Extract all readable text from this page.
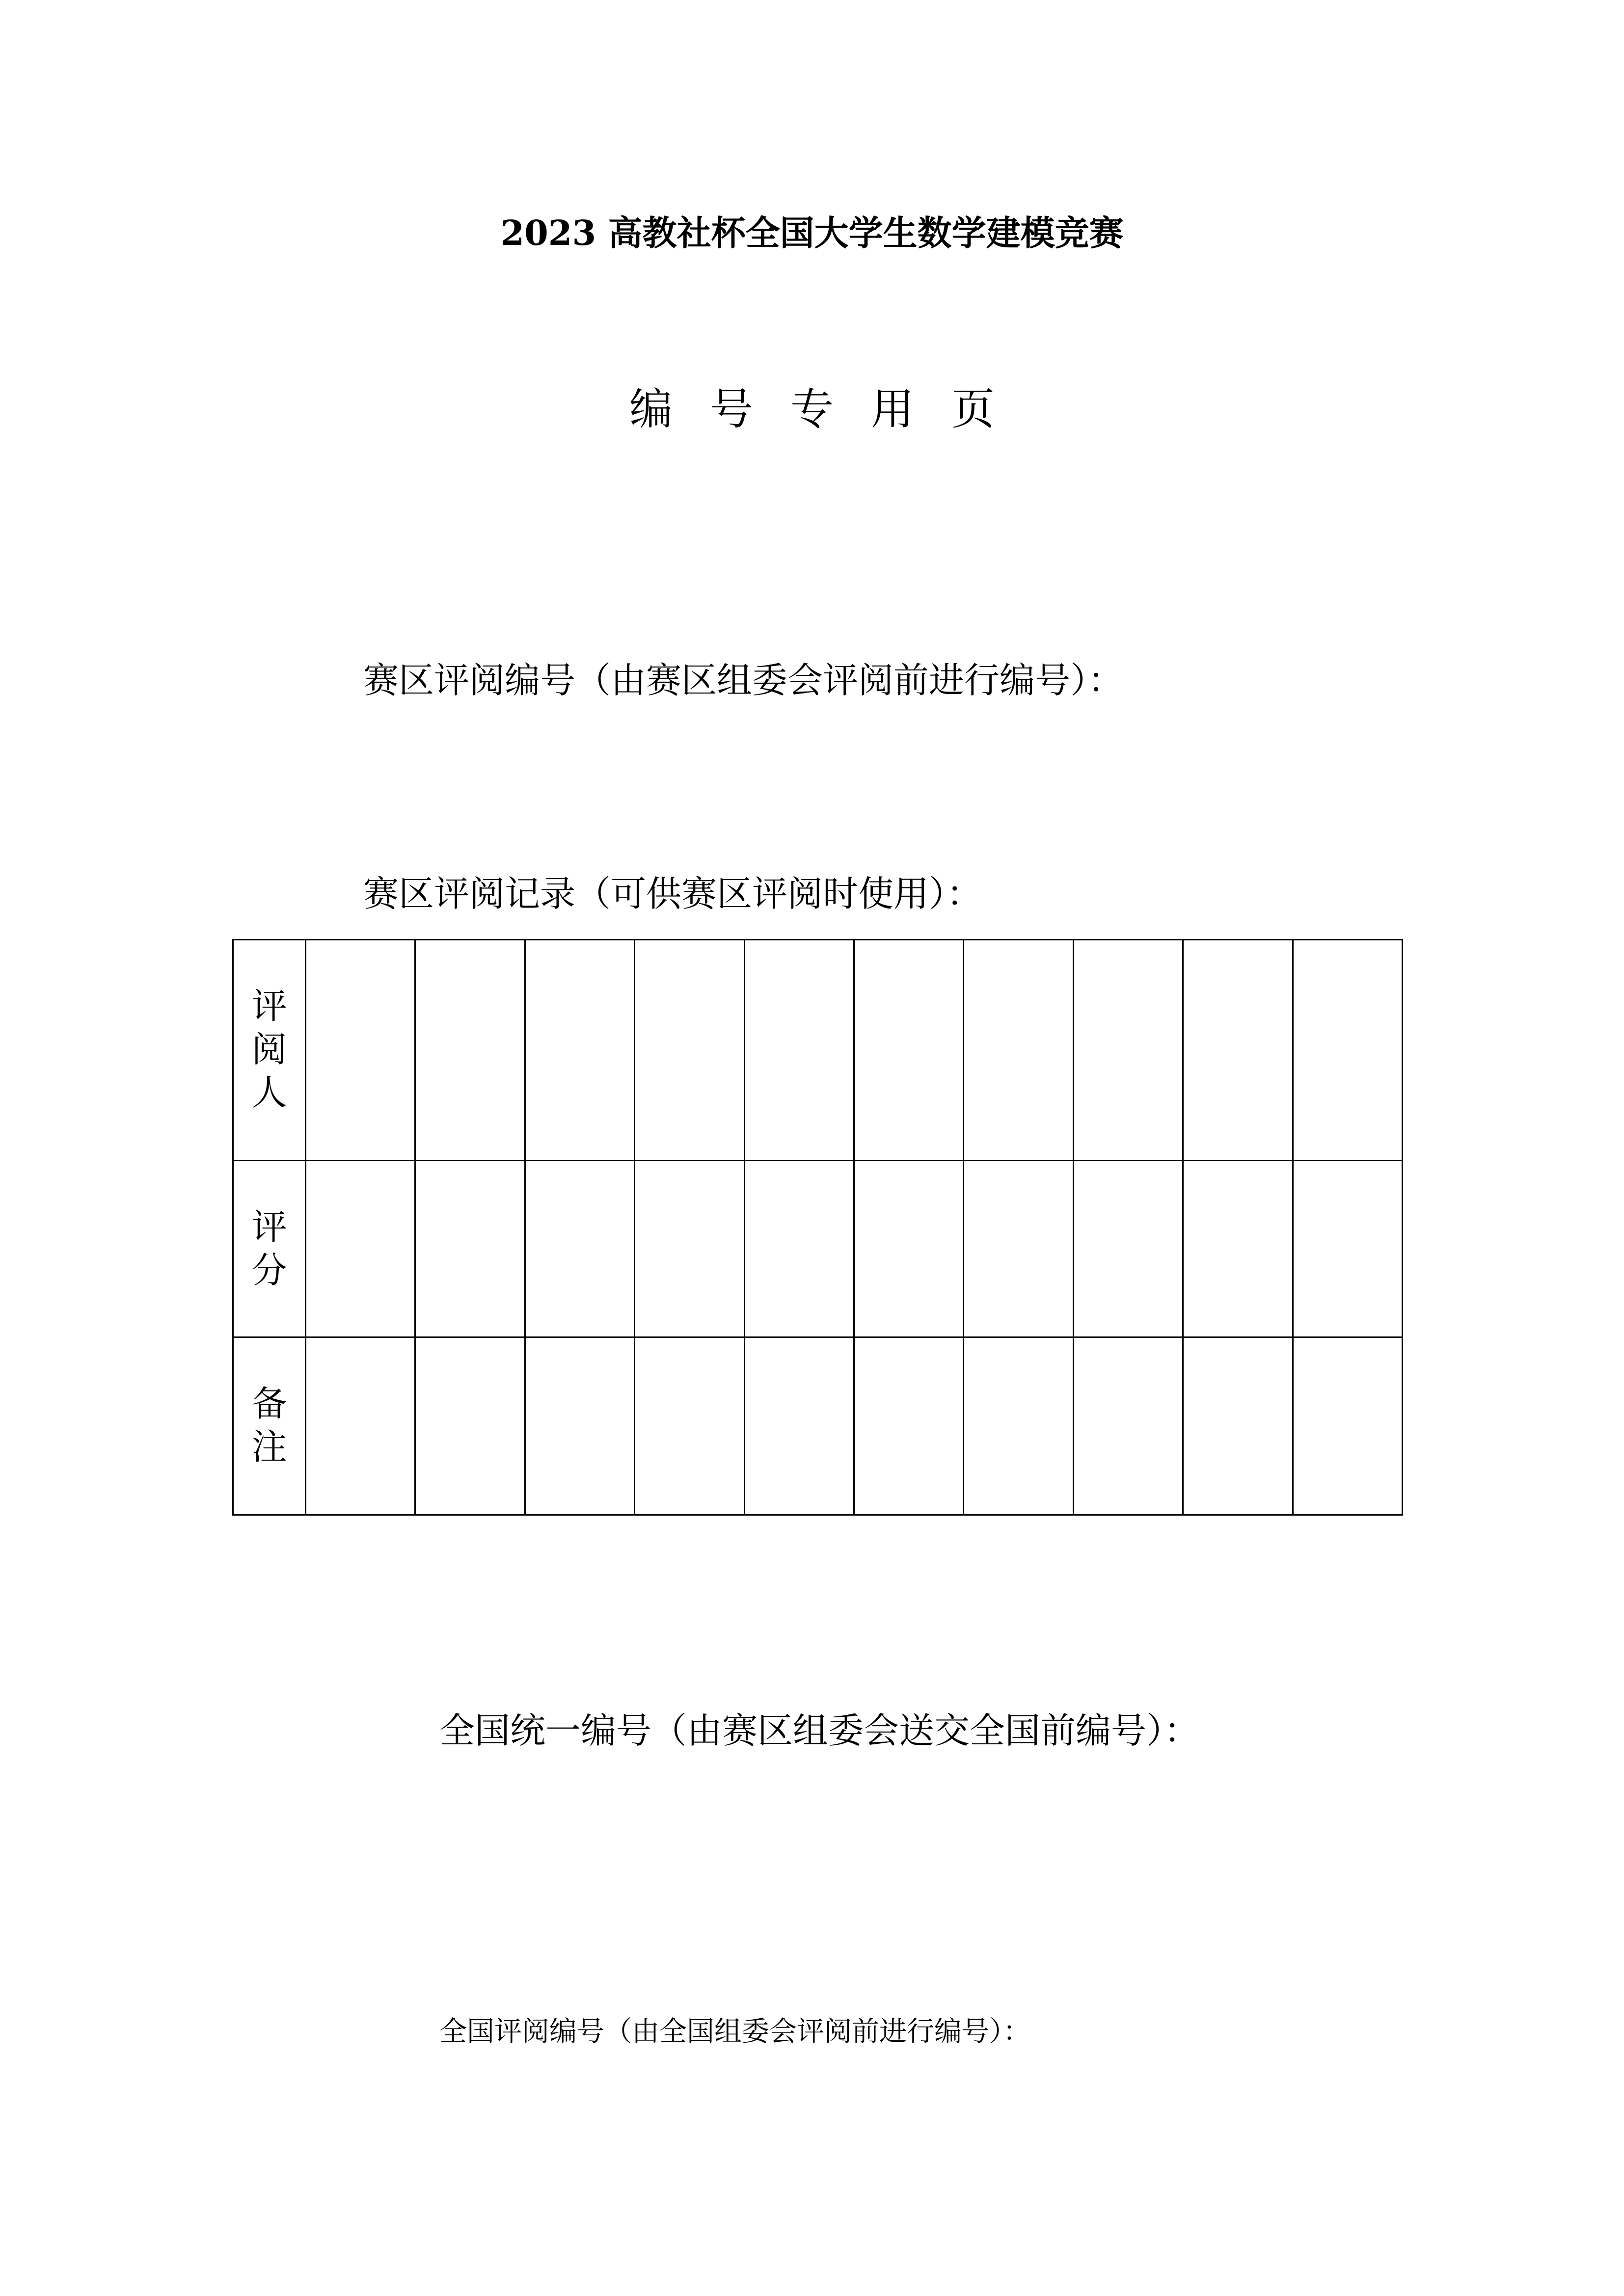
2023 高教社杯全国大学生数学建模竞赛
编 号 专 用 页
赛区评阅编号（由赛区组委会评阅前进行编号）：
赛区评阅记录（可供赛区评阅时使用）：
评阅人										
评分										
备注										
全国统一编号（由赛区组委会送交全国前编号）：
全国评阅编号（由全国组委会评阅前进行编号）：
